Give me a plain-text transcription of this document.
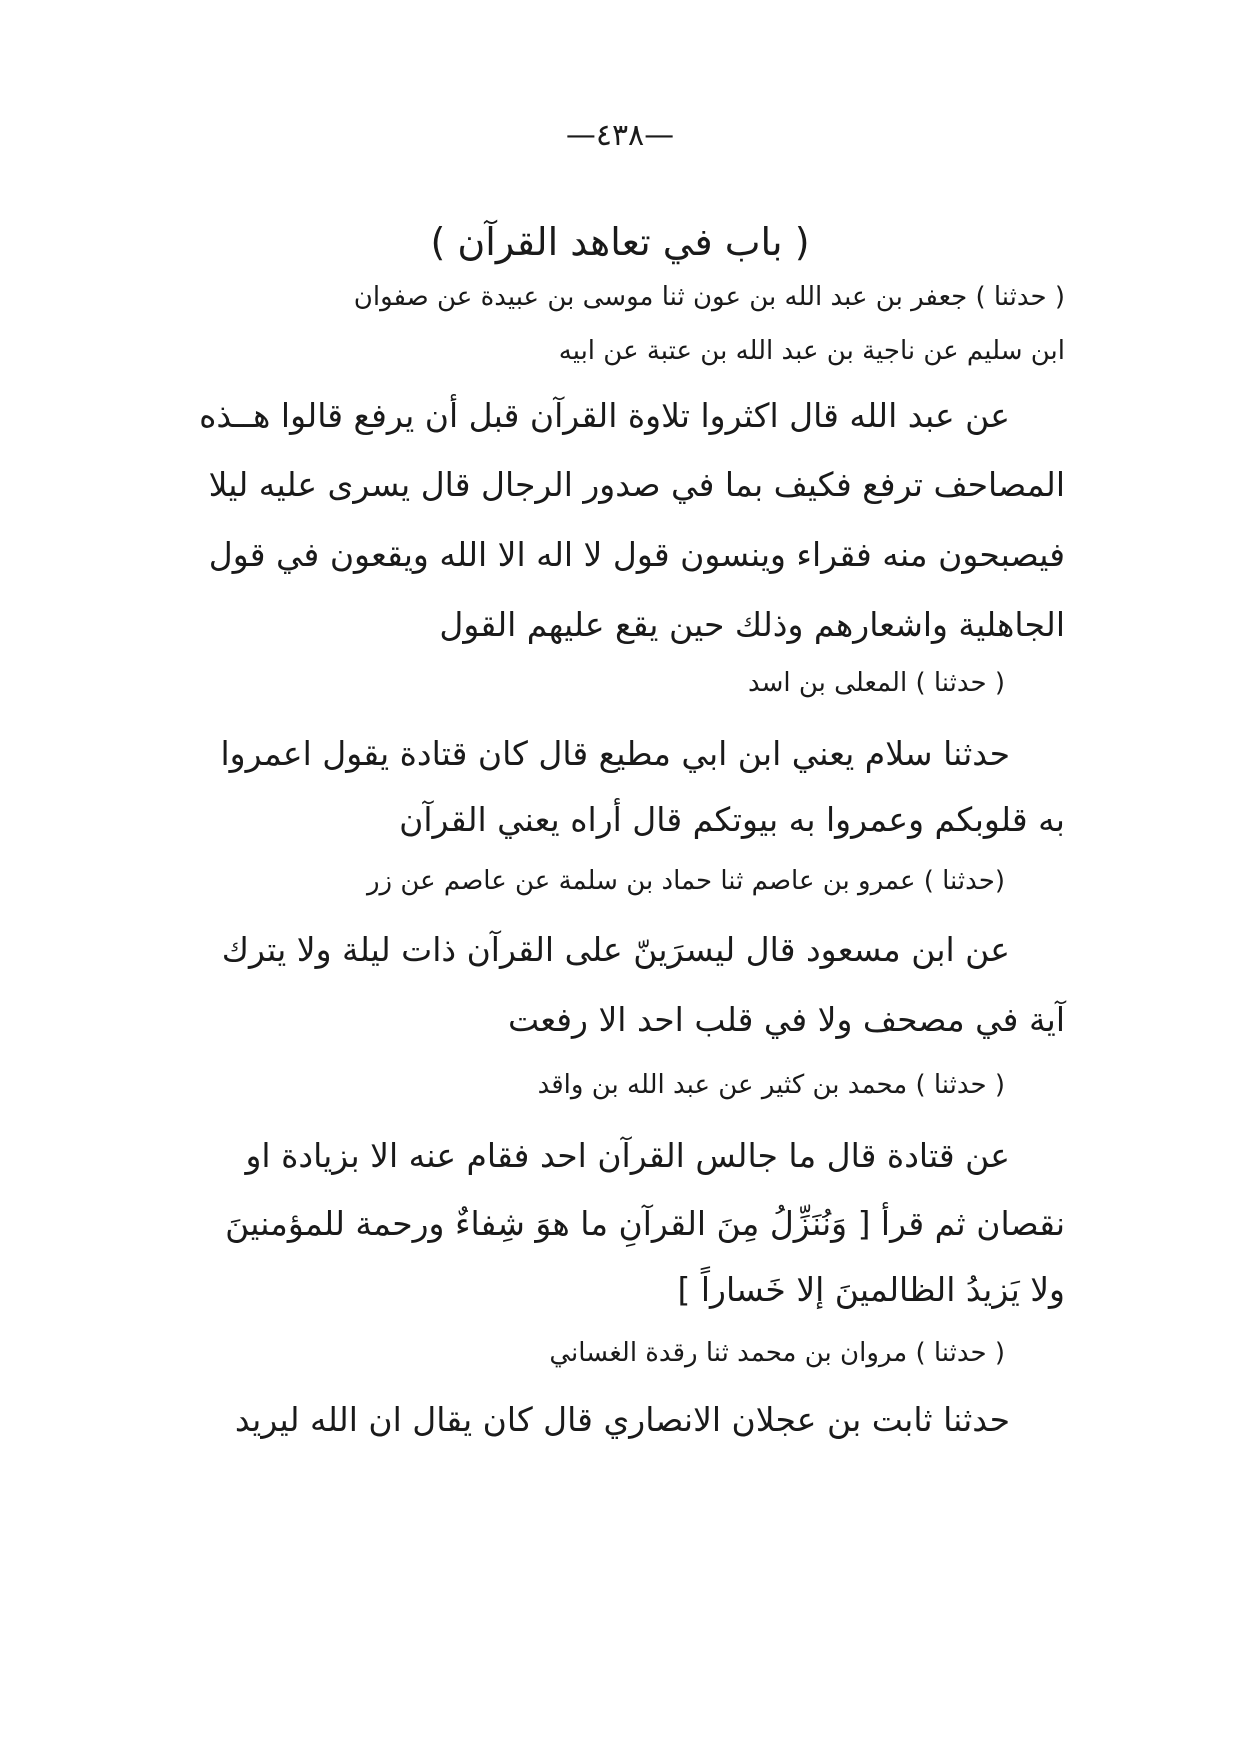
—٤٣٨—
( باب في تعاهد القرآن )
( حدثنا ) جعفر بن عبد الله بن عون ثنا موسى بن عبيدة عن صفوان
ابن سليم عن ناجية بن عبد الله بن عتبة عن ابيه
عن عبد الله قال اكثروا تلاوة القرآن قبل أن يرفع قالوا هــذه
المصاحف ترفع فكيف بما في صدور الرجال قال يسرى عليه ليلا
فيصبحون منه فقراء وينسون قول لا اله الا الله ويقعون في قول
الجاهلية واشعارهم وذلك حين يقع عليهم القول
( حدثنا ) المعلى بن اسد
حدثنا سلام يعني ابن ابي مطيع قال كان قتادة يقول اعمروا
به قلوبكم وعمروا به بيوتكم قال أراه يعني القرآن
(حدثنا ) عمرو بن عاصم ثنا حماد بن سلمة عن عاصم عن زر
عن ابن مسعود قال ليسرَينّ على القرآن ذات ليلة ولا يترك
آية في مصحف ولا في قلب احد الا رفعت
( حدثنا ) محمد بن كثير عن عبد الله بن واقد
عن قتادة قال ما جالس القرآن احد فقام عنه الا بزيادة او
نقصان ثم قرأ [ وَنُنَزِّلُ مِنَ القرآنِ ما هوَ شِفاءٌ ورحمة للمؤمنينَ
ولا يَزيدُ الظالمينَ إلا خَساراً ]
( حدثنا ) مروان بن محمد ثنا رقدة الغساني
حدثنا ثابت بن عجلان الانصاري قال كان يقال ان الله ليريد
